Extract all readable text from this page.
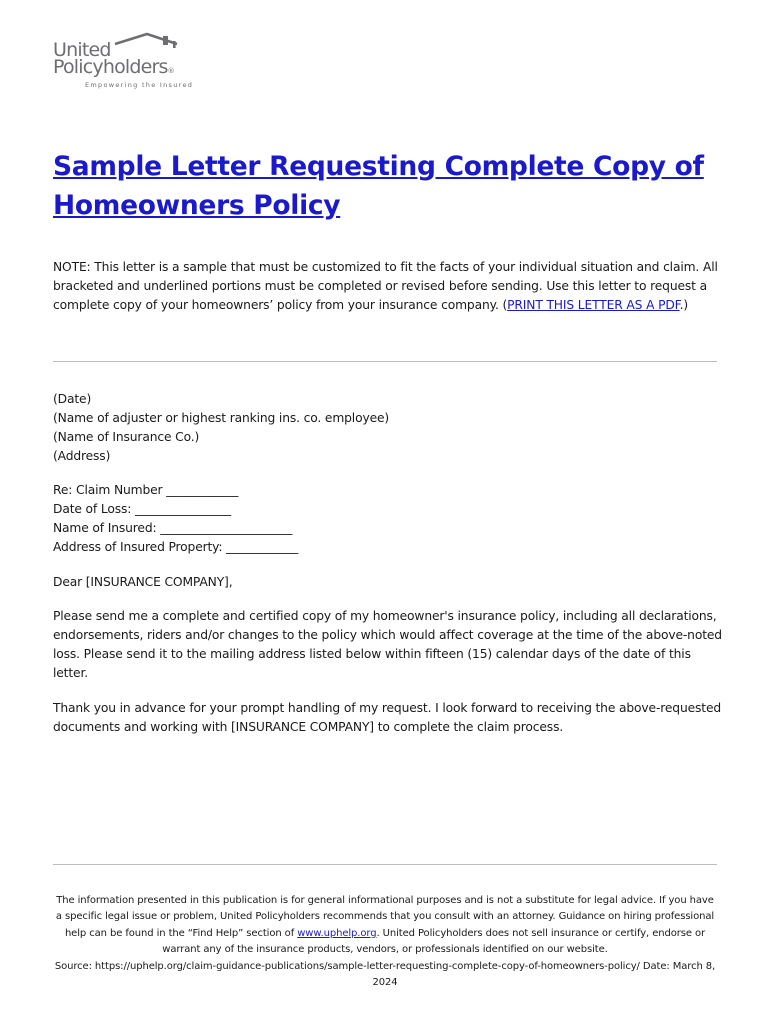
United
Policyholders®
Empowering the Insured
Sample Letter Requesting Complete Copy of Homeowners Policy

NOTE: This letter is a sample that must be customized to fit the facts of your individual situation and claim. All bracketed and underlined portions must be completed or revised before sending. Use this letter to request a complete copy of your homeowners’ policy from your insurance company. (PRINT THIS LETTER AS A PDF.)

(Date)
(Name of adjuster or highest ranking ins. co. employee)
(Name of Insurance Co.)
(Address)
Re: Claim Number ____________
Date of Loss: ________________
Name of Insured: ______________________
Address of Insured Property: ____________

Dear [INSURANCE COMPANY],

Please send me a complete and certified copy of my homeowner's insurance policy, including all declarations, endorsements, riders and/or changes to the policy which would affect coverage at the time of the above-noted loss. Please send it to the mailing address listed below within fifteen (15) calendar days of the date of this letter.

Thank you in advance for your prompt handling of my request. I look forward to receiving the above-requested documents and working with [INSURANCE COMPANY] to complete the claim process.

The information presented in this publication is for general informational purposes and is not a substitute for legal advice. If you have a specific legal issue or problem, United Policyholders recommends that you consult with an attorney. Guidance on hiring professional help can be found in the “Find Help” section of www.uphelp.org. United Policyholders does not sell insurance or certify, endorse or warrant any of the insurance products, vendors, or professionals identified on our website.
Source: https://uphelp.org/claim-guidance-publications/sample-letter-requesting-complete-copy-of-homeowners-policy/ Date: March 8, 2024
